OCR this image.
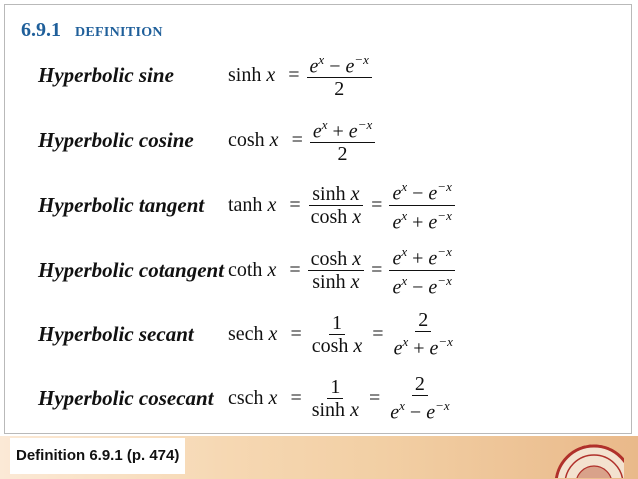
6.9.1 DEFINITION
Hyperbolic sine	$\sinh x = \frac{e^x - e^{-x}}{2}$
Hyperbolic cosine $\cosh x = \frac{e^x + e^{-x}}{2}$
Hyperbolic tangent $\tanh x = \frac{\text{sinh x}}{\text{cosh x}} = \frac{e^x - e^{-x}}{e^x + e^{-x}}$
Hyperbolic cotangent coth $x = \frac{\text{cosh x}}{\text{sinh x}} = \frac{e^x + e^{-x}}{e^x - e^{-x}}$
Hyperbolic secant sech $x = \frac{1}{\text{cosh x}} = \frac{2}{e^x + e^{-x}}$
Hyperbolic cosecant csch $x = \frac{1}{\text{sinh x}} = \frac{2}{e^x - e^{-x}}$
Definition 6.9.1 (p. 474)
